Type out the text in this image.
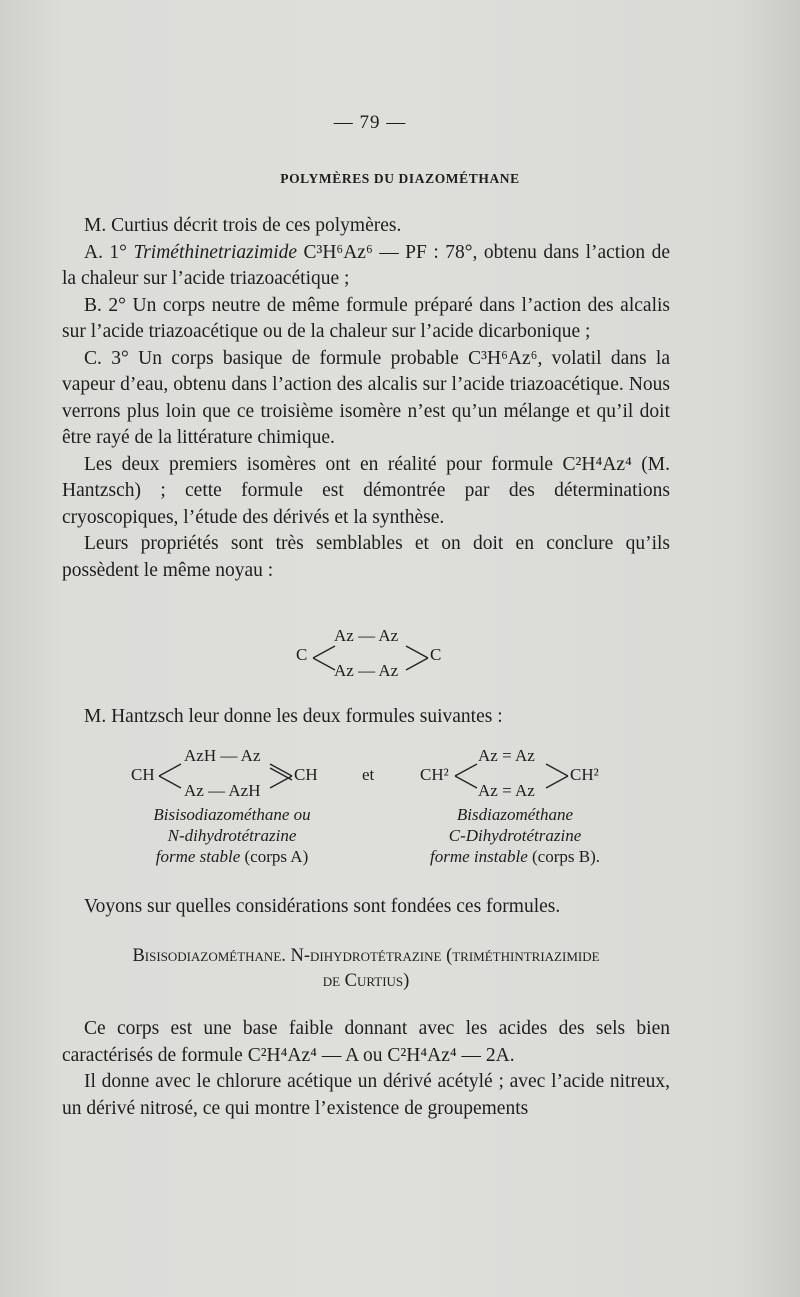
— 79 —
POLYMÈRES DU DIAZOMÉTHANE

M. Curtius décrit trois de ces polymères.

A. 1° Triméthinetriazimide C³H⁶Az⁶ — PF : 78°, obtenu dans l’action de la chaleur sur l’acide triazoacétique ;

B. 2° Un corps neutre de même formule préparé dans l’action des alcalis sur l’acide triazoacétique ou de la chaleur sur l’acide dicarbonique ;

C. 3° Un corps basique de formule probable C³H⁶Az⁶, volatil dans la vapeur d’eau, obtenu dans l’action des alcalis sur l’acide triazoacétique. Nous verrons plus loin que ce troisième isomère n’est qu’un mélange et qu’il doit être rayé de la littérature chimique.

Les deux premiers isomères ont en réalité pour formule C²H⁴Az⁴ (M. Hantzsch) ; cette formule est démontrée par des déterminations cryoscopiques, l’étude des dérivés et la synthèse.

Leurs propriétés sont très semblables et on doit en conclure qu’ils possèdent le même noyau :

C
Az — Az
Az — Az
C

M. Hantzsch leur donne les deux formules suivantes :

CH
AzH — Az
Az — AzH
CH	et	CH²
Az = Az
Az = Az
CH²
Bisisodiazométhane ou
N-dihydrotétrazine
forme stable (corps A)
Bisdiazométhane
C-Dihydrotétrazine
forme instable (corps B).

Voyons sur quelles considérations sont fondées ces formules.

Bisisodiazométhane. N-dihydrotétrazine (triméthintriazimide
de Curtius)

Ce corps est une base faible donnant avec les acides des sels bien caractérisés de formule C²H⁴Az⁴ — A ou C²H⁴Az⁴ — 2A.

Il donne avec le chlorure acétique un dérivé acétylé ; avec l’acide nitreux, un dérivé nitrosé, ce qui montre l’existence de groupements
